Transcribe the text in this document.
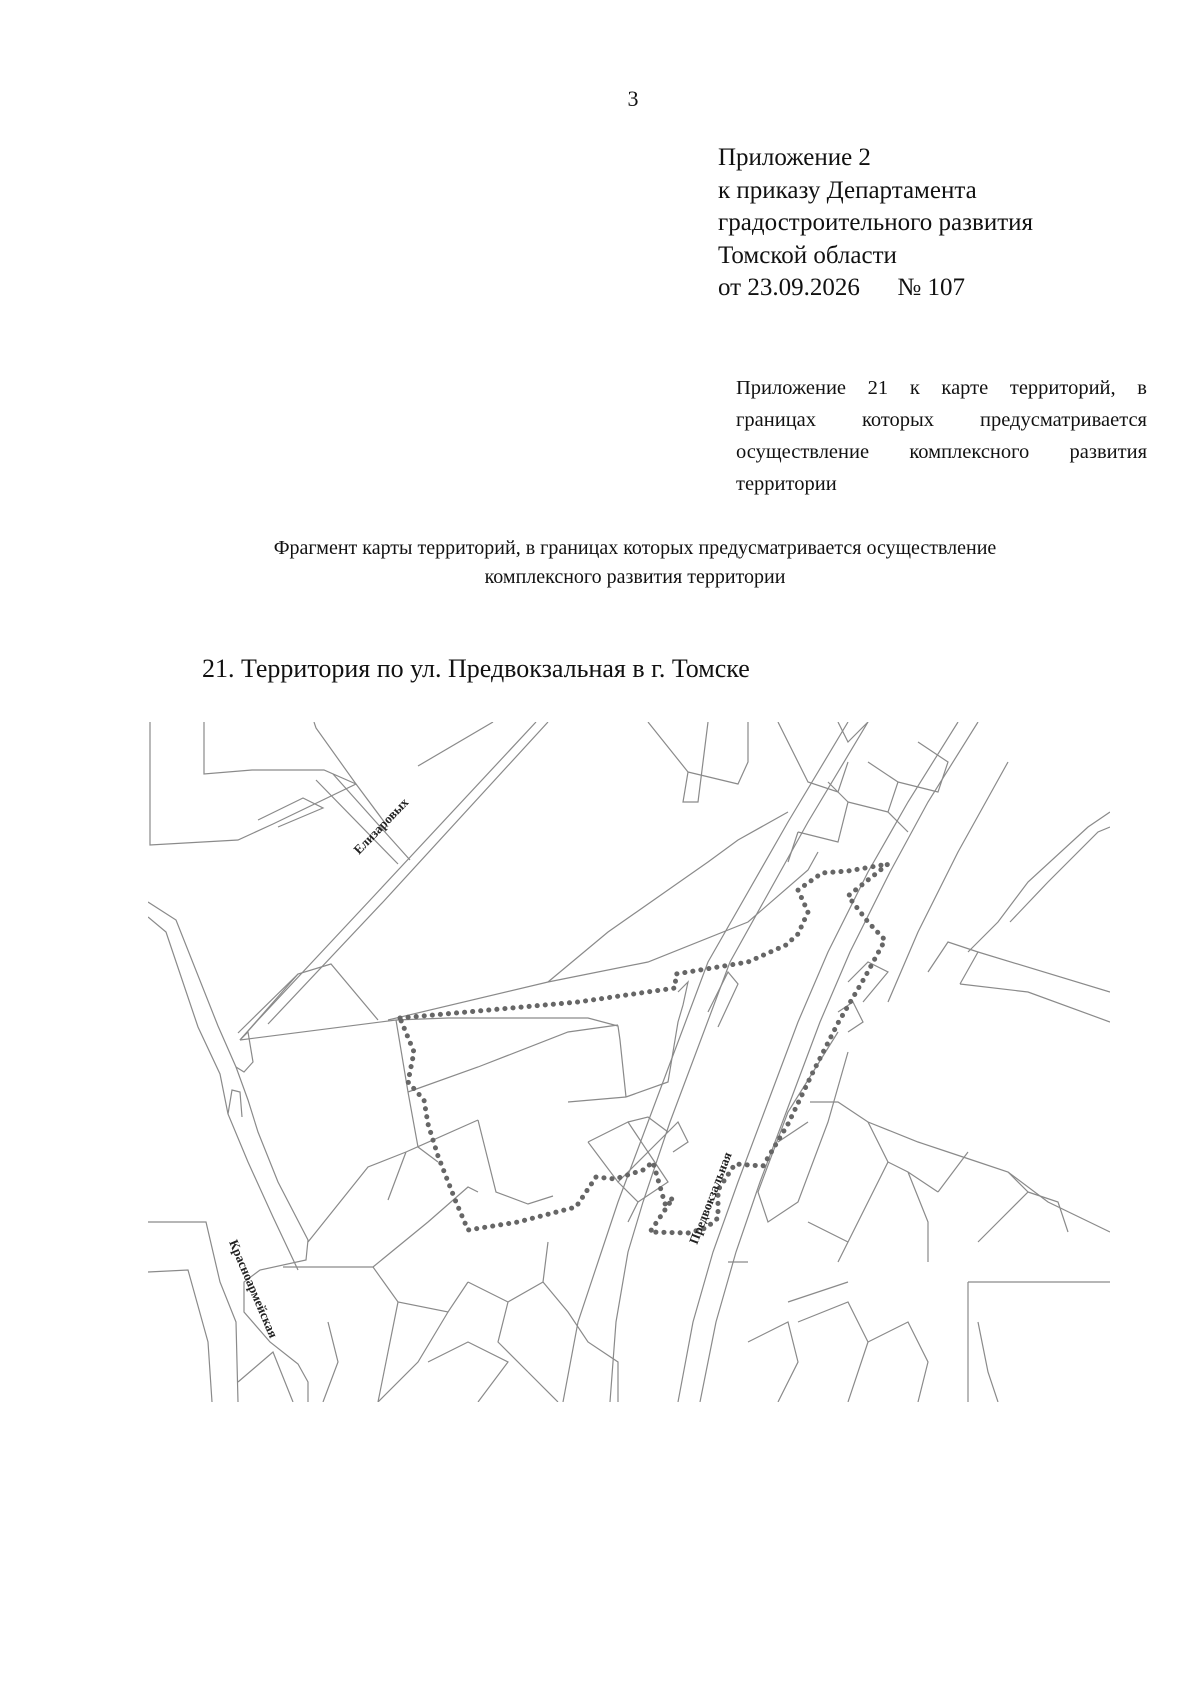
3
Приложение 2
к приказу Департамента
градостроительного развития
Томской области
от 23.09.2026      № 107
Приложение 21 к карте территорий, в границах которых предусматривается осуществление комплексного развития территории
Фрагмент карты территорий, в границах которых предусматривается осуществление
комплексного развития территории
21. Территория по ул. Предвокзальная в г. Томске
Елизаровых
Красноармейская
Предвокзальная
